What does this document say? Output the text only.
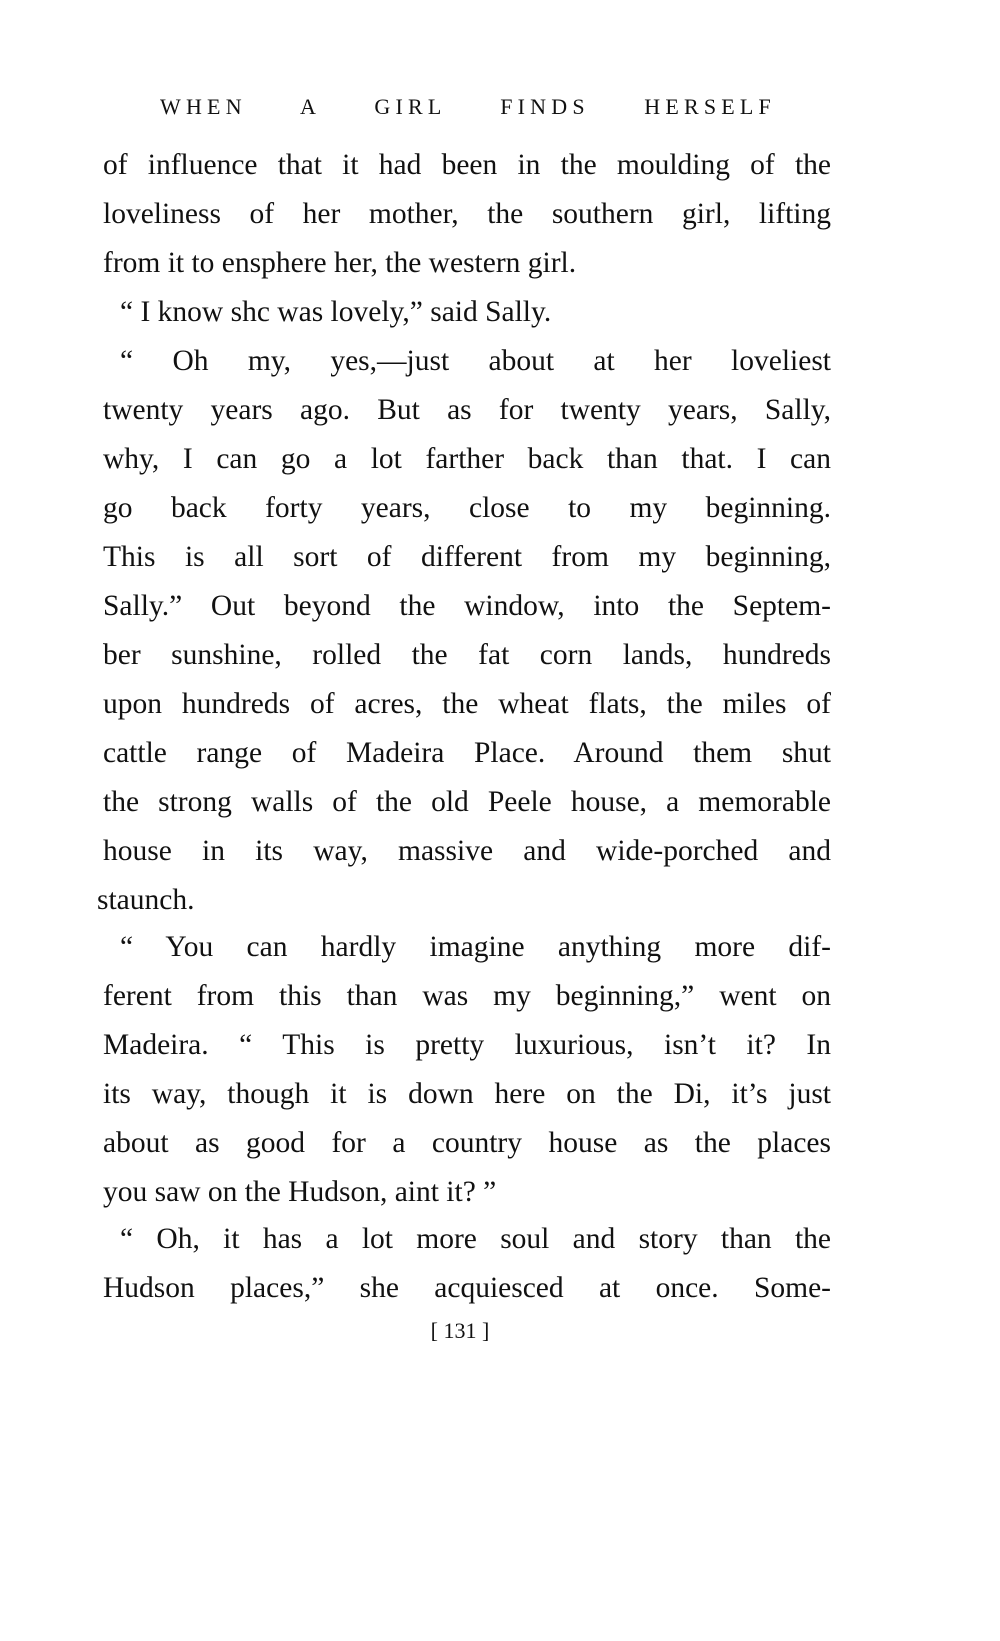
WHEN A GIRL FINDS HERSELF
of influence that it had been in the moulding of the
loveliness of her mother, the southern girl, lifting
from it to ensphere her, the western girl.
“ I know shc was lovely,” said Sally.
“ Oh my, yes,—just about at her loveliest
twenty years ago. But as for twenty years, Sally,
why, I can go a lot farther back than that. I can
go back forty years, close to my beginning.
This is all sort of different from my beginning,
Sally.” Out beyond the window, into the Septem-
ber sunshine, rolled the fat corn lands, hundreds
upon hundreds of acres, the wheat flats, the miles of
cattle range of Madeira Place. Around them shut
the strong walls of the old Peele house, a memorable
house in its way, massive and wide-porched and
staunch.
“ You can hardly imagine anything more dif-
ferent from this than was my beginning,” went on
Madeira. “ This is pretty luxurious, isn’t it? In
its way, though it is down here on the Di, it’s just
about as good for a country house as the places
you saw on the Hudson, aint it? ”
“ Oh, it has a lot more soul and story than the
Hudson places,” she acquiesced at once. Some-
[ 131 ]
